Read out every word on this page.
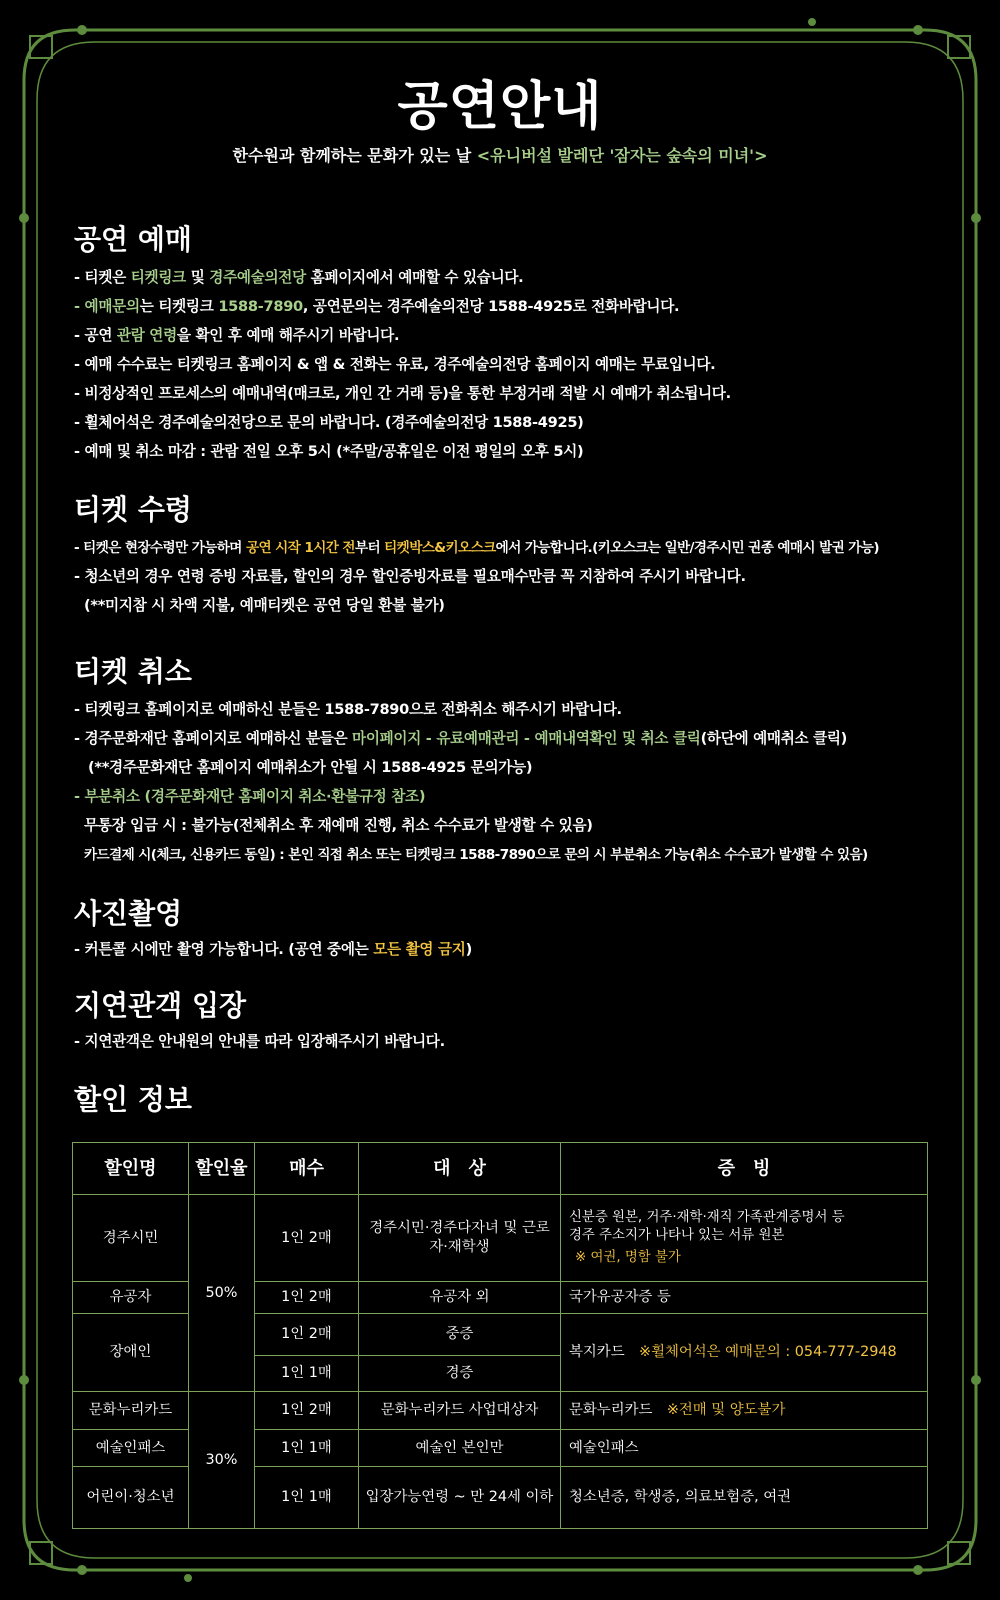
공연안내
한수원과 함께하는 문화가 있는 날 <유니버설 발레단 '잠자는 숲속의 미녀'>
공연 예매
- 티켓은 티켓링크 및 경주예술의전당 홈페이지에서 예매할 수 있습니다.
- 예매문의는 티켓링크 1588-7890, 공연문의는 경주예술의전당 1588-4925로 전화바랍니다.
- 공연 관람 연령을 확인 후 예매 해주시기 바랍니다.
- 예매 수수료는 티켓링크 홈페이지 & 앱 & 전화는 유료, 경주예술의전당 홈페이지 예매는 무료입니다.
- 비정상적인 프로세스의 예매내역(매크로, 개인 간 거래 등)을 통한 부정거래 적발 시 예매가 취소됩니다.
- 휠체어석은 경주예술의전당으로 문의 바랍니다. (경주예술의전당 1588-4925)
- 예매 및 취소 마감 : 관람 전일 오후 5시 (*주말/공휴일은 이전 평일의 오후 5시)
티켓 수령
- 티켓은 현장수령만 가능하며 공연 시작 1시간 전부터 티켓박스&키오스크에서 가능합니다.(키오스크는 일반/경주시민 권종 예매시 발권 가능)
- 청소년의 경우 연령 증빙 자료를, 할인의 경우 할인증빙자료를 필요매수만큼 꼭 지참하여 주시기 바랍니다.
(**미지참 시 차액 지불, 예매티켓은 공연 당일 환불 불가)
티켓 취소
- 티켓링크 홈페이지로 예매하신 분들은 1588-7890으로 전화취소 해주시기 바랍니다.
- 경주문화재단 홈페이지로 예매하신 분들은 마이페이지 - 유료예매관리 - 예매내역확인 및 취소 클릭(하단에 예매취소 클릭)
(**경주문화재단 홈페이지 예매취소가 안될 시 1588-4925 문의가능)
- 부분취소 (경주문화재단 홈페이지 취소·환불규정 참조)
무통장 입금 시 : 불가능(전체취소 후 재예매 진행, 취소 수수료가 발생할 수 있음)
카드결제 시(체크, 신용카드 동일) : 본인 직접 취소 또는 티켓링크 1588-7890으로 문의 시 부분취소 가능(취소 수수료가 발생할 수 있음)
사진촬영
- 커튼콜 시에만 촬영 가능합니다. (공연 중에는 모든 촬영 금지)
지연관객 입장
- 지연관객은 안내원의 안내를 따라 입장해주시기 바랍니다.
할인 정보
할인명	할인율	매수	대　상	증　빙
경주시민	50%	1인 2매	경주시민·경주다자녀 및 근로자·재학생	신분증 원본, 거주·재학·재직 가족관계증명서 등
경주 주소지가 나타나 있는 서류 원본
※ 여권, 명함 불가

유공자		1인 2매	유공자 외	국가유공자증 등
장애인		1인 2매	중증	복지카드　 ※휠체어석은 예매문의 : 054-777-2948
		1인 1매	경증	
문화누리카드	30%	1인 2매	문화누리카드 사업대상자	문화누리카드　 ※전매 및 양도불가
예술인패스		1인 1매	예술인 본인만	예술인패스
어린이·청소년		1인 1매	입장가능연령 ~ 만 24세 이하	청소년증, 학생증, 의료보험증, 여권
